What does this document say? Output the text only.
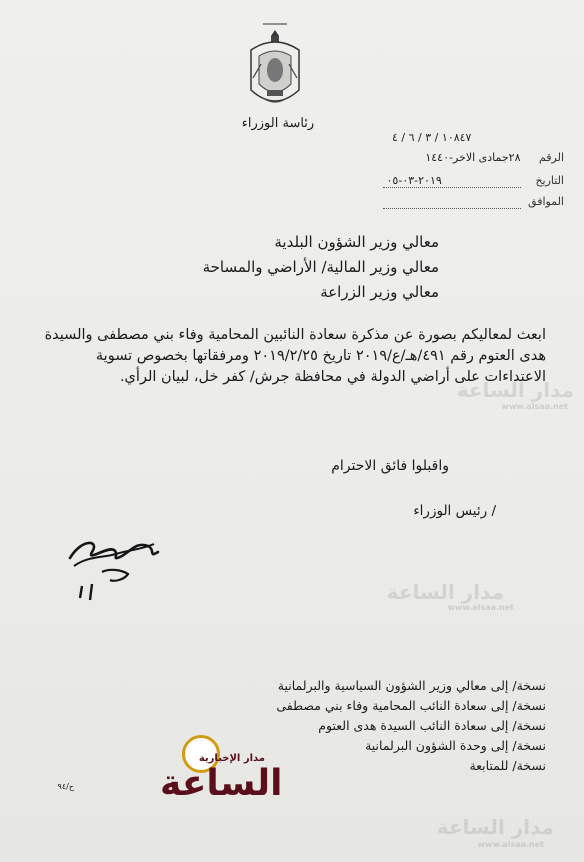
رئاسة الوزراء
١٠٨٤٧ / ٣ / ٦ / ٤
الرقم ٢٨جمادى الاخر-١٤٤٠
التاريخ ٢٠١٩-٠٣-٠٥
الموافق
معالي وزير الشؤون البلدية
معالي وزير المالية/ الأراضي والمساحة
معالي وزير الزراعة
ابعث لمعاليكم بصورة عن مذكرة سعادة النائبين المحامية وفاء بني مصطفى والسيدة هدى العتوم رقم ٤٩١/هـ/ع/٢٠١٩ تاريخ ٢٠١٩/٢/٢٥ ومرفقاتها بخصوص تسوية الاعتداءات على أراضي الدولة في محافظة جرش/ كفر خل، لبيان الرأي.
واقبلوا فائق الاحترام
/ رئيس الوزراء
نسخة/ إلى معالي وزير الشؤون السياسية والبرلمانية
نسخة/ إلى سعادة النائب المحامية وفاء بني مصطفى
نسخة/ إلى سعادة النائب السيدة هدى العتوم
نسخة/ إلى وحدة الشؤون البرلمانية
نسخة/ للمتابعة
ح/٩٤
مدار الساعة
www.alsaa.net
مدار الساعة
www.alsaa.net
مدار الساعة
www.alsaa.net
مدار الإخبارية
الساعة
